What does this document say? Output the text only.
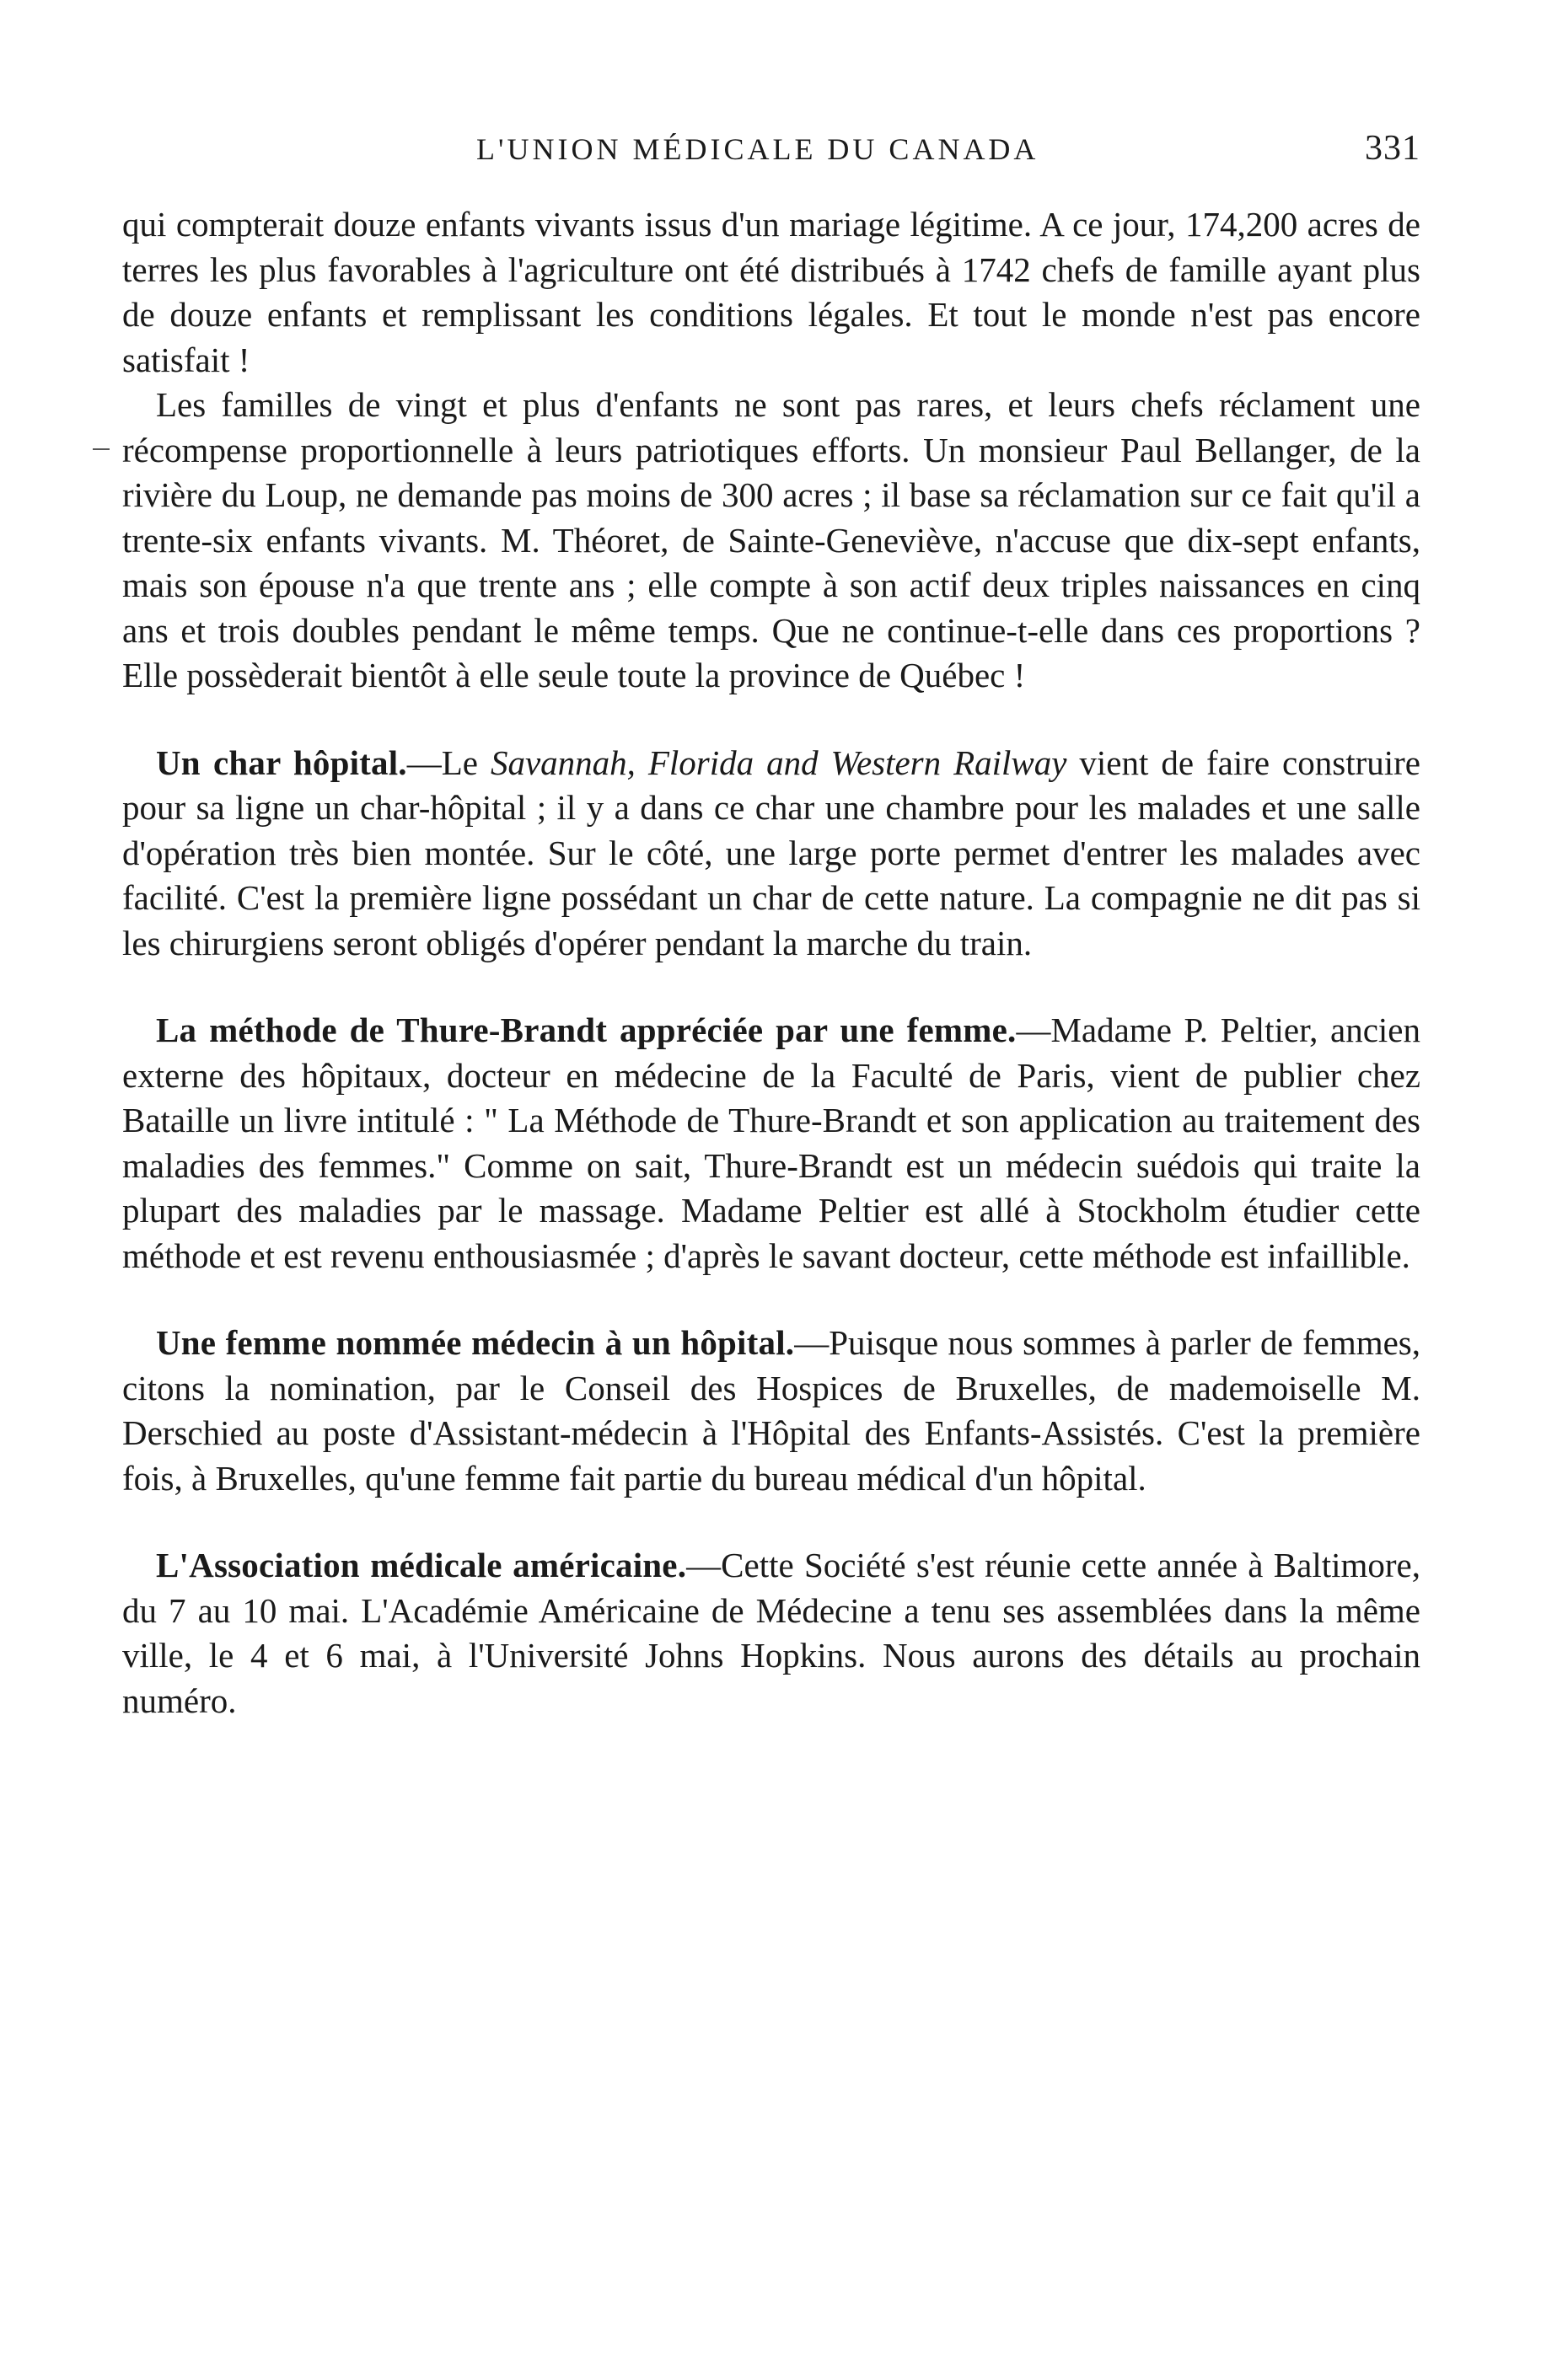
L'UNION MÉDICALE DU CANADA	331

qui compterait douze enfants vivants issus d'un mariage légitime. A ce jour, 174,200 acres de terres les plus favorables à l'agriculture ont été distribués à 1742 chefs de famille ayant plus de douze enfants et remplissant les conditions légales. Et tout le monde n'est pas encore satisfait !

Les familles de vingt et plus d'enfants ne sont pas rares, et leurs chefs réclament une récompense proportionnelle à leurs patriotiques efforts. Un monsieur Paul Bellanger, de la rivière du Loup, ne demande pas moins de 300 acres ; il base sa réclamation sur ce fait qu'il a trente-six enfants vivants. M. Théoret, de Sainte-Geneviève, n'accuse que dix-sept enfants, mais son épouse n'a que trente ans ; elle compte à son actif deux triples naissances en cinq ans et trois doubles pendant le même temps. Que ne continue-t-elle dans ces proportions ? Elle possèderait bientôt à elle seule toute la province de Québec !

Un char hôpital.—Le Savannah, Florida and Western Railway vient de faire construire pour sa ligne un char-hôpital ; il y a dans ce char une chambre pour les malades et une salle d'opération très bien montée. Sur le côté, une large porte permet d'entrer les malades avec facilité. C'est la première ligne possédant un char de cette nature. La compagnie ne dit pas si les chirurgiens seront obligés d'opérer pendant la marche du train.

La méthode de Thure-Brandt appréciée par une femme.—Madame P. Peltier, ancien externe des hôpitaux, docteur en médecine de la Faculté de Paris, vient de publier chez Bataille un livre intitulé : " La Méthode de Thure-Brandt et son application au traitement des maladies des femmes." Comme on sait, Thure-Brandt est un médecin suédois qui traite la plupart des maladies par le massage. Madame Peltier est allé à Stockholm étudier cette méthode et est revenu enthousiasmée ; d'après le savant docteur, cette méthode est infaillible.

Une femme nommée médecin à un hôpital.—Puisque nous sommes à parler de femmes, citons la nomination, par le Conseil des Hospices de Bruxelles, de mademoiselle M. Derschied au poste d'Assistant-médecin à l'Hôpital des Enfants-Assistés. C'est la première fois, à Bruxelles, qu'une femme fait partie du bureau médical d'un hôpital.

L'Association médicale américaine.—Cette Société s'est réunie cette année à Baltimore, du 7 au 10 mai. L'Académie Américaine de Médecine a tenu ses assemblées dans la même ville, le 4 et 6 mai, à l'Université Johns Hopkins. Nous aurons des détails au prochain numéro.
